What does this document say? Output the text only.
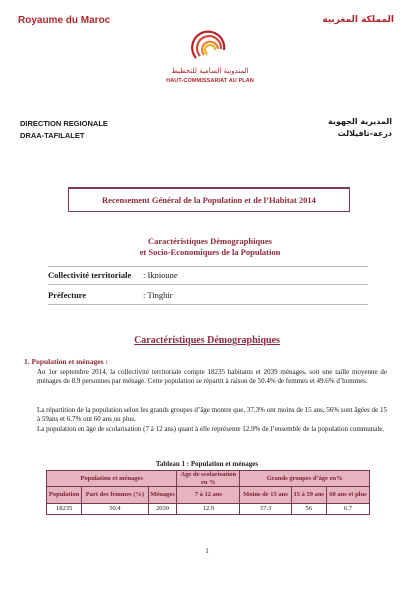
Royaume du Maroc	المملكة المغربية
المندوبية السامية للتخطيط
HAUT-COMMISSARIAT AU PLAN
DIRECTION REGIONALE
DRAA-TAFILALET
المديرية الجهوية
درعة-تافيلالت
Recensement Général de la Population et de l’Habitat 2014
Caractéristiques Démographiques
et Socio-Economiques de la Population
Collectivité territoriale : Iknioune
Préfecture	: Tinghir
Caractéristiques Démographiques
1. Population et ménages :
Au 1er septembre 2014, la collectivité territoriale compte 18235 habitants et 2039 ménages, soit une taille moyenne de ménages de 8.9 personnes par ménage. Cette population se répartit à raison de 50.4% de femmes et 49.6% d’hommes.
La répartition de la population selon les grands groupes d’âge montre que, 37.3% ont moins de 15 ans, 56% sont âgées de 15 à 59ans et 6.7% ont 60 ans ou plus.
La population en âge de scolarisation (7 à 12 ans) quant à elle représente 12.9% de l’ensemble de la population communale.
Tableau 1 : Population et ménages
Population et ménages			Age de scolarisation en %	Grands groupes d’âge en%		
Population	Part des femmes (%)	Ménages	7 à 12 ans	Moins de 15 ans	15 à 59 ans	60 ans et plus
18235	50.4	2039	12.9	37.3	56	6.7
1
